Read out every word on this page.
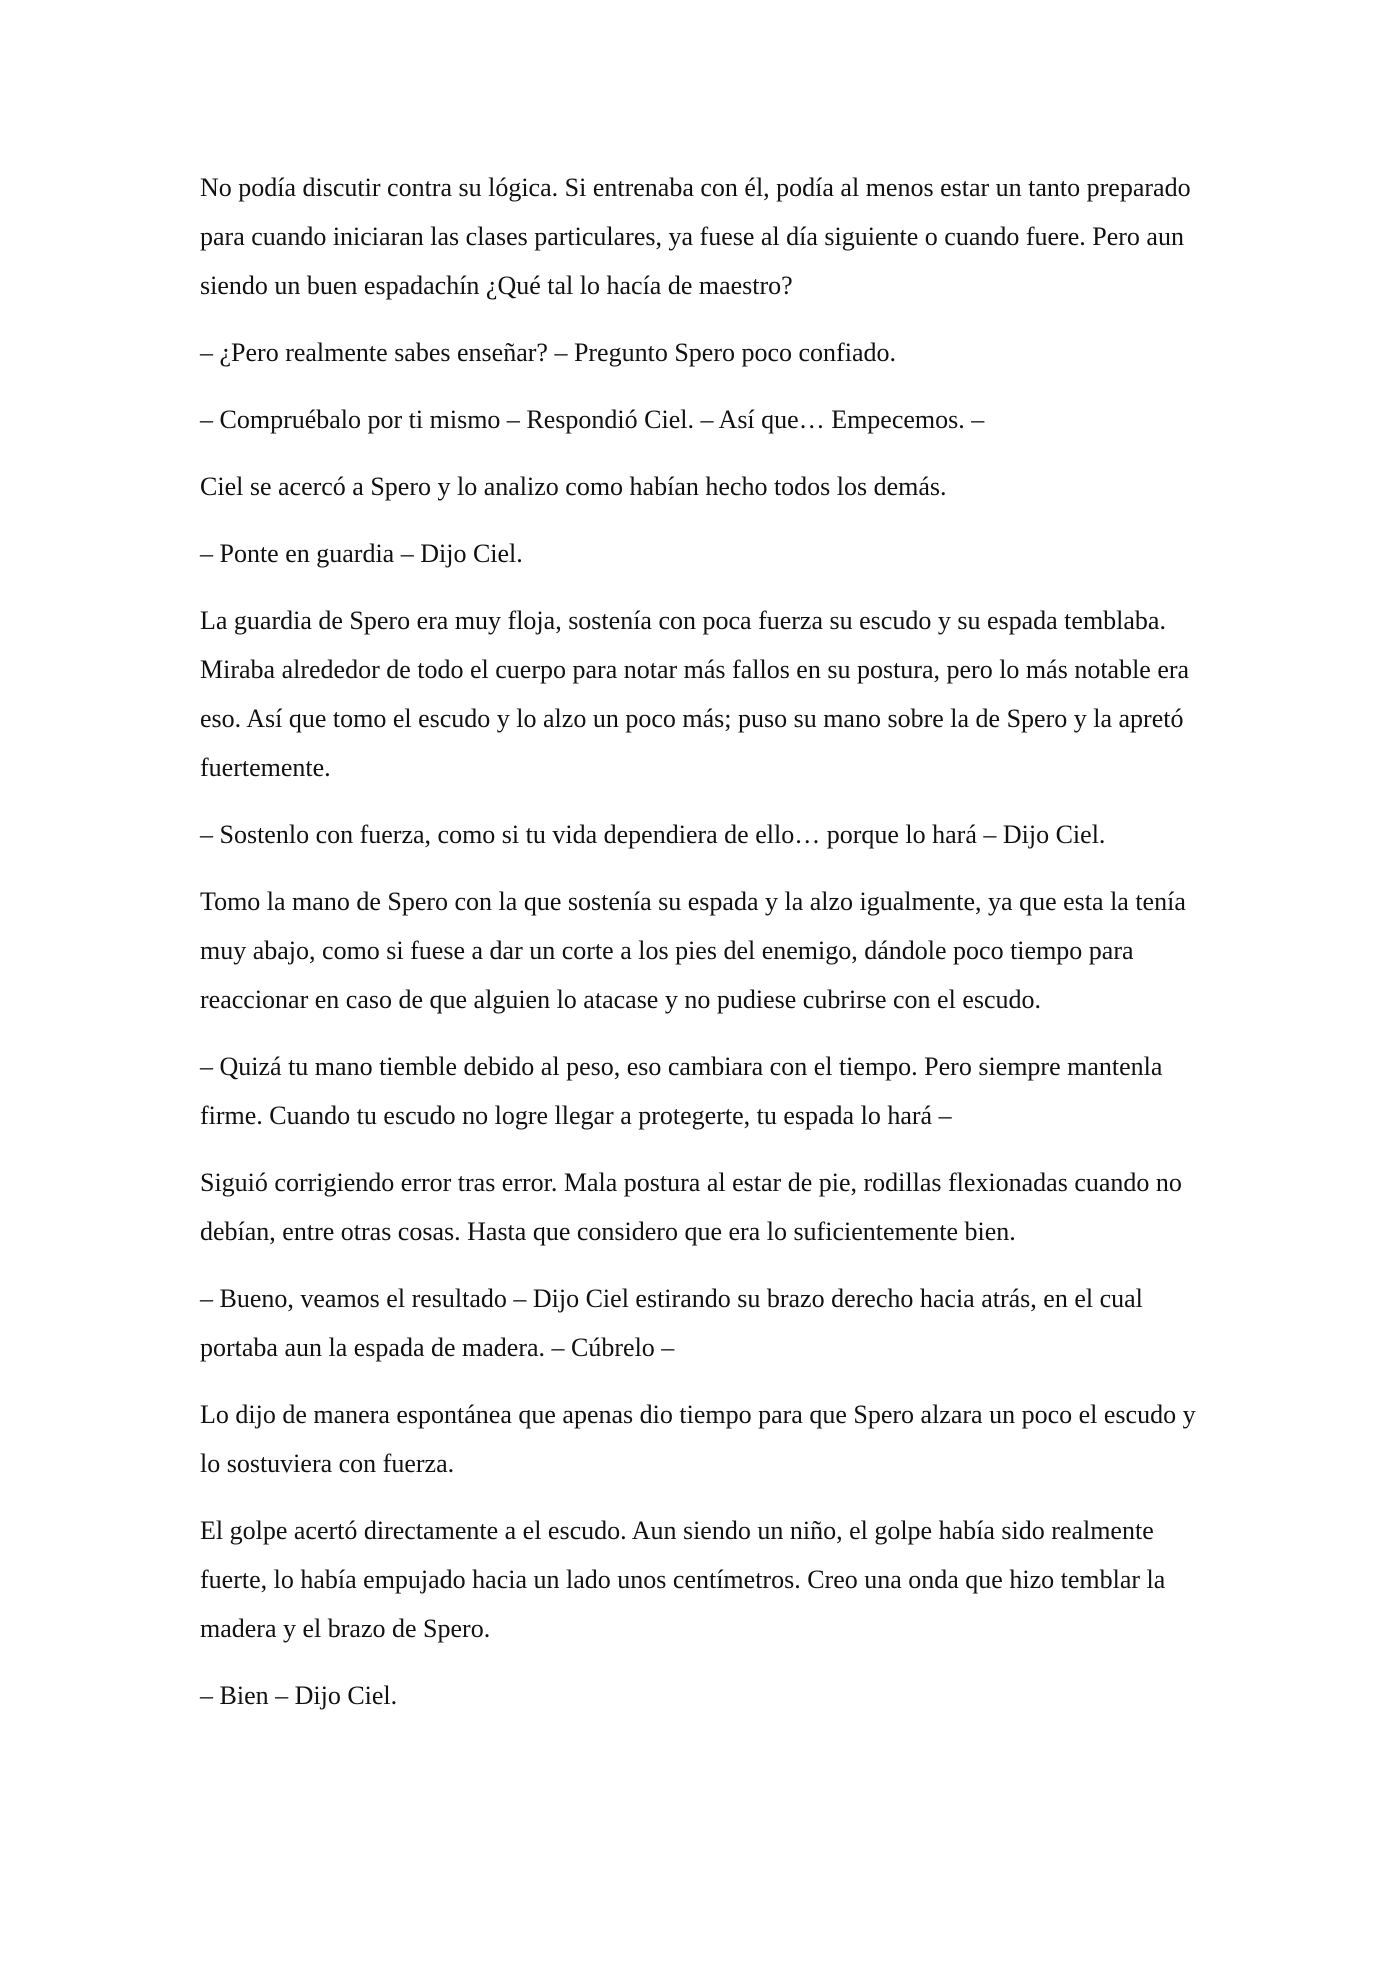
No podía discutir contra su lógica. Si entrenaba con él, podía al menos estar un tanto preparado para cuando iniciaran las clases particulares, ya fuese al día siguiente o cuando fuere. Pero aun siendo un buen espadachín ¿Qué tal lo hacía de maestro?

– ¿Pero realmente sabes enseñar? – Pregunto Spero poco confiado.

– Compruébalo por ti mismo – Respondió Ciel. – Así que… Empecemos. –

Ciel se acercó a Spero y lo analizo como habían hecho todos los demás.

– Ponte en guardia – Dijo Ciel.

La guardia de Spero era muy floja, sostenía con poca fuerza su escudo y su espada temblaba. Miraba alrededor de todo el cuerpo para notar más fallos en su postura, pero lo más notable era eso. Así que tomo el escudo y lo alzo un poco más; puso su mano sobre la de Spero y la apretó fuertemente.

– Sostenlo con fuerza, como si tu vida dependiera de ello… porque lo hará – Dijo Ciel.

Tomo la mano de Spero con la que sostenía su espada y la alzo igualmente, ya que esta la tenía muy abajo, como si fuese a dar un corte a los pies del enemigo, dándole poco tiempo para reaccionar en caso de que alguien lo atacase y no pudiese cubrirse con el escudo.

– Quizá tu mano tiemble debido al peso, eso cambiara con el tiempo. Pero siempre mantenla firme. Cuando tu escudo no logre llegar a protegerte, tu espada lo hará –

Siguió corrigiendo error tras error. Mala postura al estar de pie, rodillas flexionadas cuando no debían, entre otras cosas. Hasta que considero que era lo suficientemente bien.

– Bueno, veamos el resultado – Dijo Ciel estirando su brazo derecho hacia atrás, en el cual portaba aun la espada de madera. – Cúbrelo –

Lo dijo de manera espontánea que apenas dio tiempo para que Spero alzara un poco el escudo y lo sostuviera con fuerza.

El golpe acertó directamente a el escudo. Aun siendo un niño, el golpe había sido realmente fuerte, lo había empujado hacia un lado unos centímetros. Creo una onda que hizo temblar la madera y el brazo de Spero.

– Bien – Dijo Ciel.
